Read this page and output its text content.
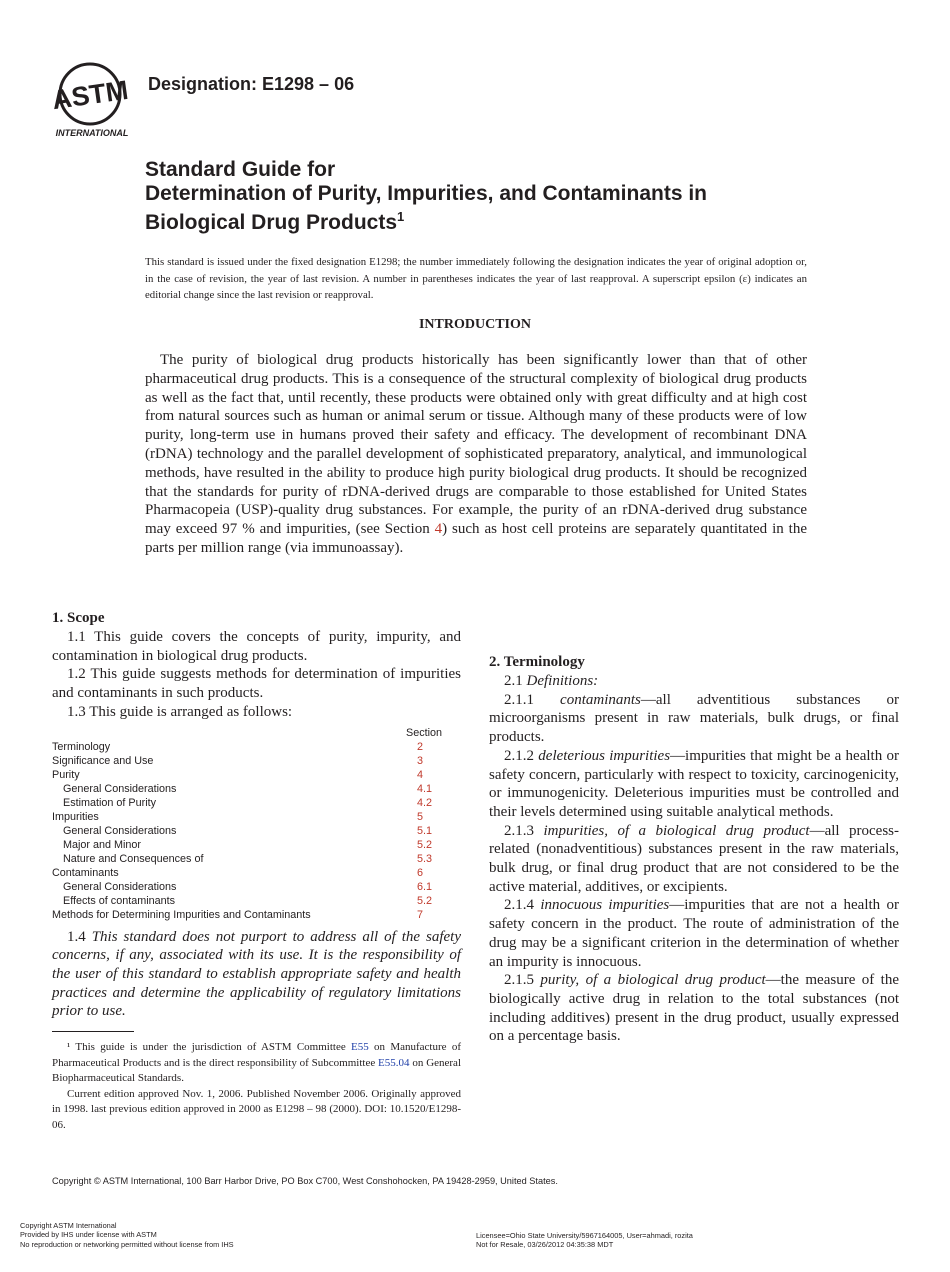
ASTM
INTERNATIONAL
Designation: E1298 – 06
Standard Guide for
Determination of Purity, Impurities, and Contaminants in
Biological Drug Products$^1$
This standard is issued under the fixed designation E1298; the number immediately following the designation indicates the year of original adoption or, in the case of revision, the year of last revision. A number in parentheses indicates the year of last reapproval. A superscript epsilon (ε) indicates an editorial change since the last revision or reapproval.
INTRODUCTION
The purity of biological drug products historically has been significantly lower than that of other pharmaceutical drug products. This is a consequence of the structural complexity of biological drug products as well as the fact that, until recently, these products were obtained only with great difficulty and at high cost from natural sources such as human or animal serum or tissue. Although many of these products were of low purity, long-term use in humans proved their safety and efficacy. The development of recombinant DNA (rDNA) technology and the parallel development of sophisticated preparatory, analytical, and immunological methods, have resulted in the ability to produce high purity biological drug products. It should be recognized that the standards for purity of rDNA-derived drugs are comparable to those established for United States Pharmacopeia (USP)-quality drug substances. For example, the purity of an rDNA-derived drug substance may exceed 97 % and impurities, (see Section 4) such as host cell proteins are separately quantitated in the parts per million range (via immunoassay).

1. Scope

1.1 This guide covers the concepts of purity, impurity, and contamination in biological drug products.

1.2 This guide suggests methods for determination of impurities and contaminants in such products.

1.3 This guide is arranged as follows:

Section
Terminology	2
Significance and Use	3
Purity	4
General Considerations	4.1
Estimation of Purity	4.2
Impurities	5
General Considerations	5.1
Major and Minor	5.2
Nature and Consequences of	5.3
Contaminants	6
General Considerations	6.1
Effects of contaminants	5.2
Methods for Determining Impurities and Contaminants	7

1.4 This standard does not purport to address all of the safety concerns, if any, associated with its use. It is the responsibility of the user of this standard to establish appropriate safety and health practices and determine the applicability of regulatory limitations prior to use.

¹ This guide is under the jurisdiction of ASTM Committee E55 on Manufacture of Pharmaceutical Products and is the direct responsibility of Subcommittee E55.04 on General Biopharmaceutical Standards.

Current edition approved Nov. 1, 2006. Published November 2006. Originally approved in 1998. last previous edition approved in 2000 as E1298 – 98 (2000). DOI: 10.1520/E1298-06.

2. Terminology

2.1 Definitions:

2.1.1 contaminants—all adventitious substances or microorganisms present in raw materials, bulk drugs, or final products.

2.1.2 deleterious impurities—impurities that might be a health or safety concern, particularly with respect to toxicity, carcinogenicity, or immunogenicity. Deleterious impurities must be controlled and their levels determined using suitable analytical methods.

2.1.3 impurities, of a biological drug product—all process-related (nonadventitious) substances present in the raw materials, bulk drug, or final drug product that are not considered to be the active material, additives, or excipients.

2.1.4 innocuous impurities—impurities that are not a health or safety concern in the product. The route of administration of the drug may be a significant criterion in the determination of whether an impurity is innocuous.

2.1.5 purity, of a biological drug product—the measure of the biologically active drug in relation to the total substances (not including additives) present in the drug product, usually expressed on a percentage basis.

Copyright © ASTM International, 100 Barr Harbor Drive, PO Box C700, West Conshohocken, PA 19428-2959, United States.
Copyright ASTM International
Provided by IHS under license with ASTM
No reproduction or networking permitted without license from IHS
Licensee=Ohio State University/5967164005, User=ahmadi, rozita
Not for Resale, 03/26/2012 04:35:38 MDT
